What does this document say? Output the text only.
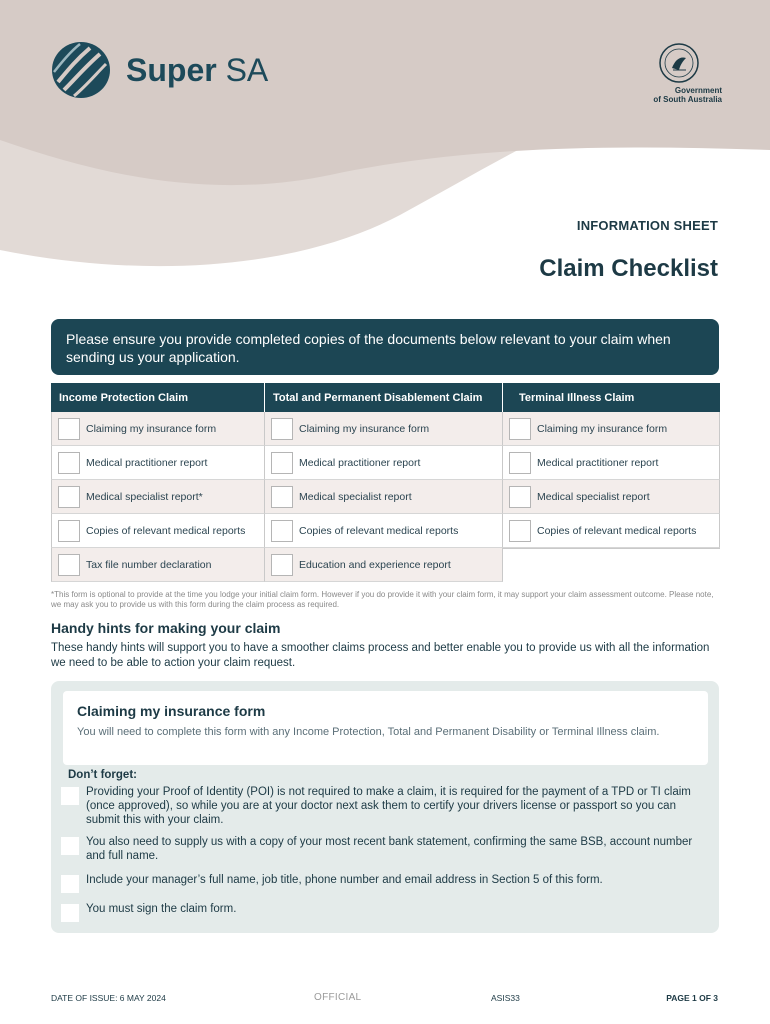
Super SA
Government
of South Australia
INFORMATION SHEET
Claim Checklist
Please ensure you provide completed copies of the documents below relevant to your claim when sending us your application.
Income Protection Claim	Total and Permanent Disablement Claim	Terminal Illness Claim
Claiming my insurance form	Claiming my insurance form	Claiming my insurance form
Medical practitioner report	Medical practitioner report	Medical practitioner report
Medical specialist report*	Medical specialist report	Medical specialist report
Copies of relevant medical reports	Copies of relevant medical reports	Copies of relevant medical reports
Tax file number declaration	Education and experience report
*This form is optional to provide at the time you lodge your initial claim form. However if you do provide it with your claim form, it may support your claim assessment outcome. Please note, we may ask you to provide us with this form during the claim process as required.
Handy hints for making your claim
These handy hints will support you to have a smoother claims process and better enable you to provide us with all the information we need to be able to action your claim request.
Claiming my insurance form
You will need to complete this form with any Income Protection, Total and Permanent Disability or Terminal Illness claim.
Don’t forget:
Providing your Proof of Identity (POI) is not required to make a claim, it is required for the payment of a TPD or TI claim (once approved), so while you are at your doctor next ask them to certify your drivers license or passport so you can submit this with your claim.
You also need to supply us with a copy of your most recent bank statement, confirming the same BSB, account number and full name.
Include your manager’s full name, job title, phone number and email address in Section 5 of this form.
You must sign the claim form.
DATE OF ISSUE: 6 MAY 2024	OFFICIAL	ASIS33	PAGE 1 OF 3
